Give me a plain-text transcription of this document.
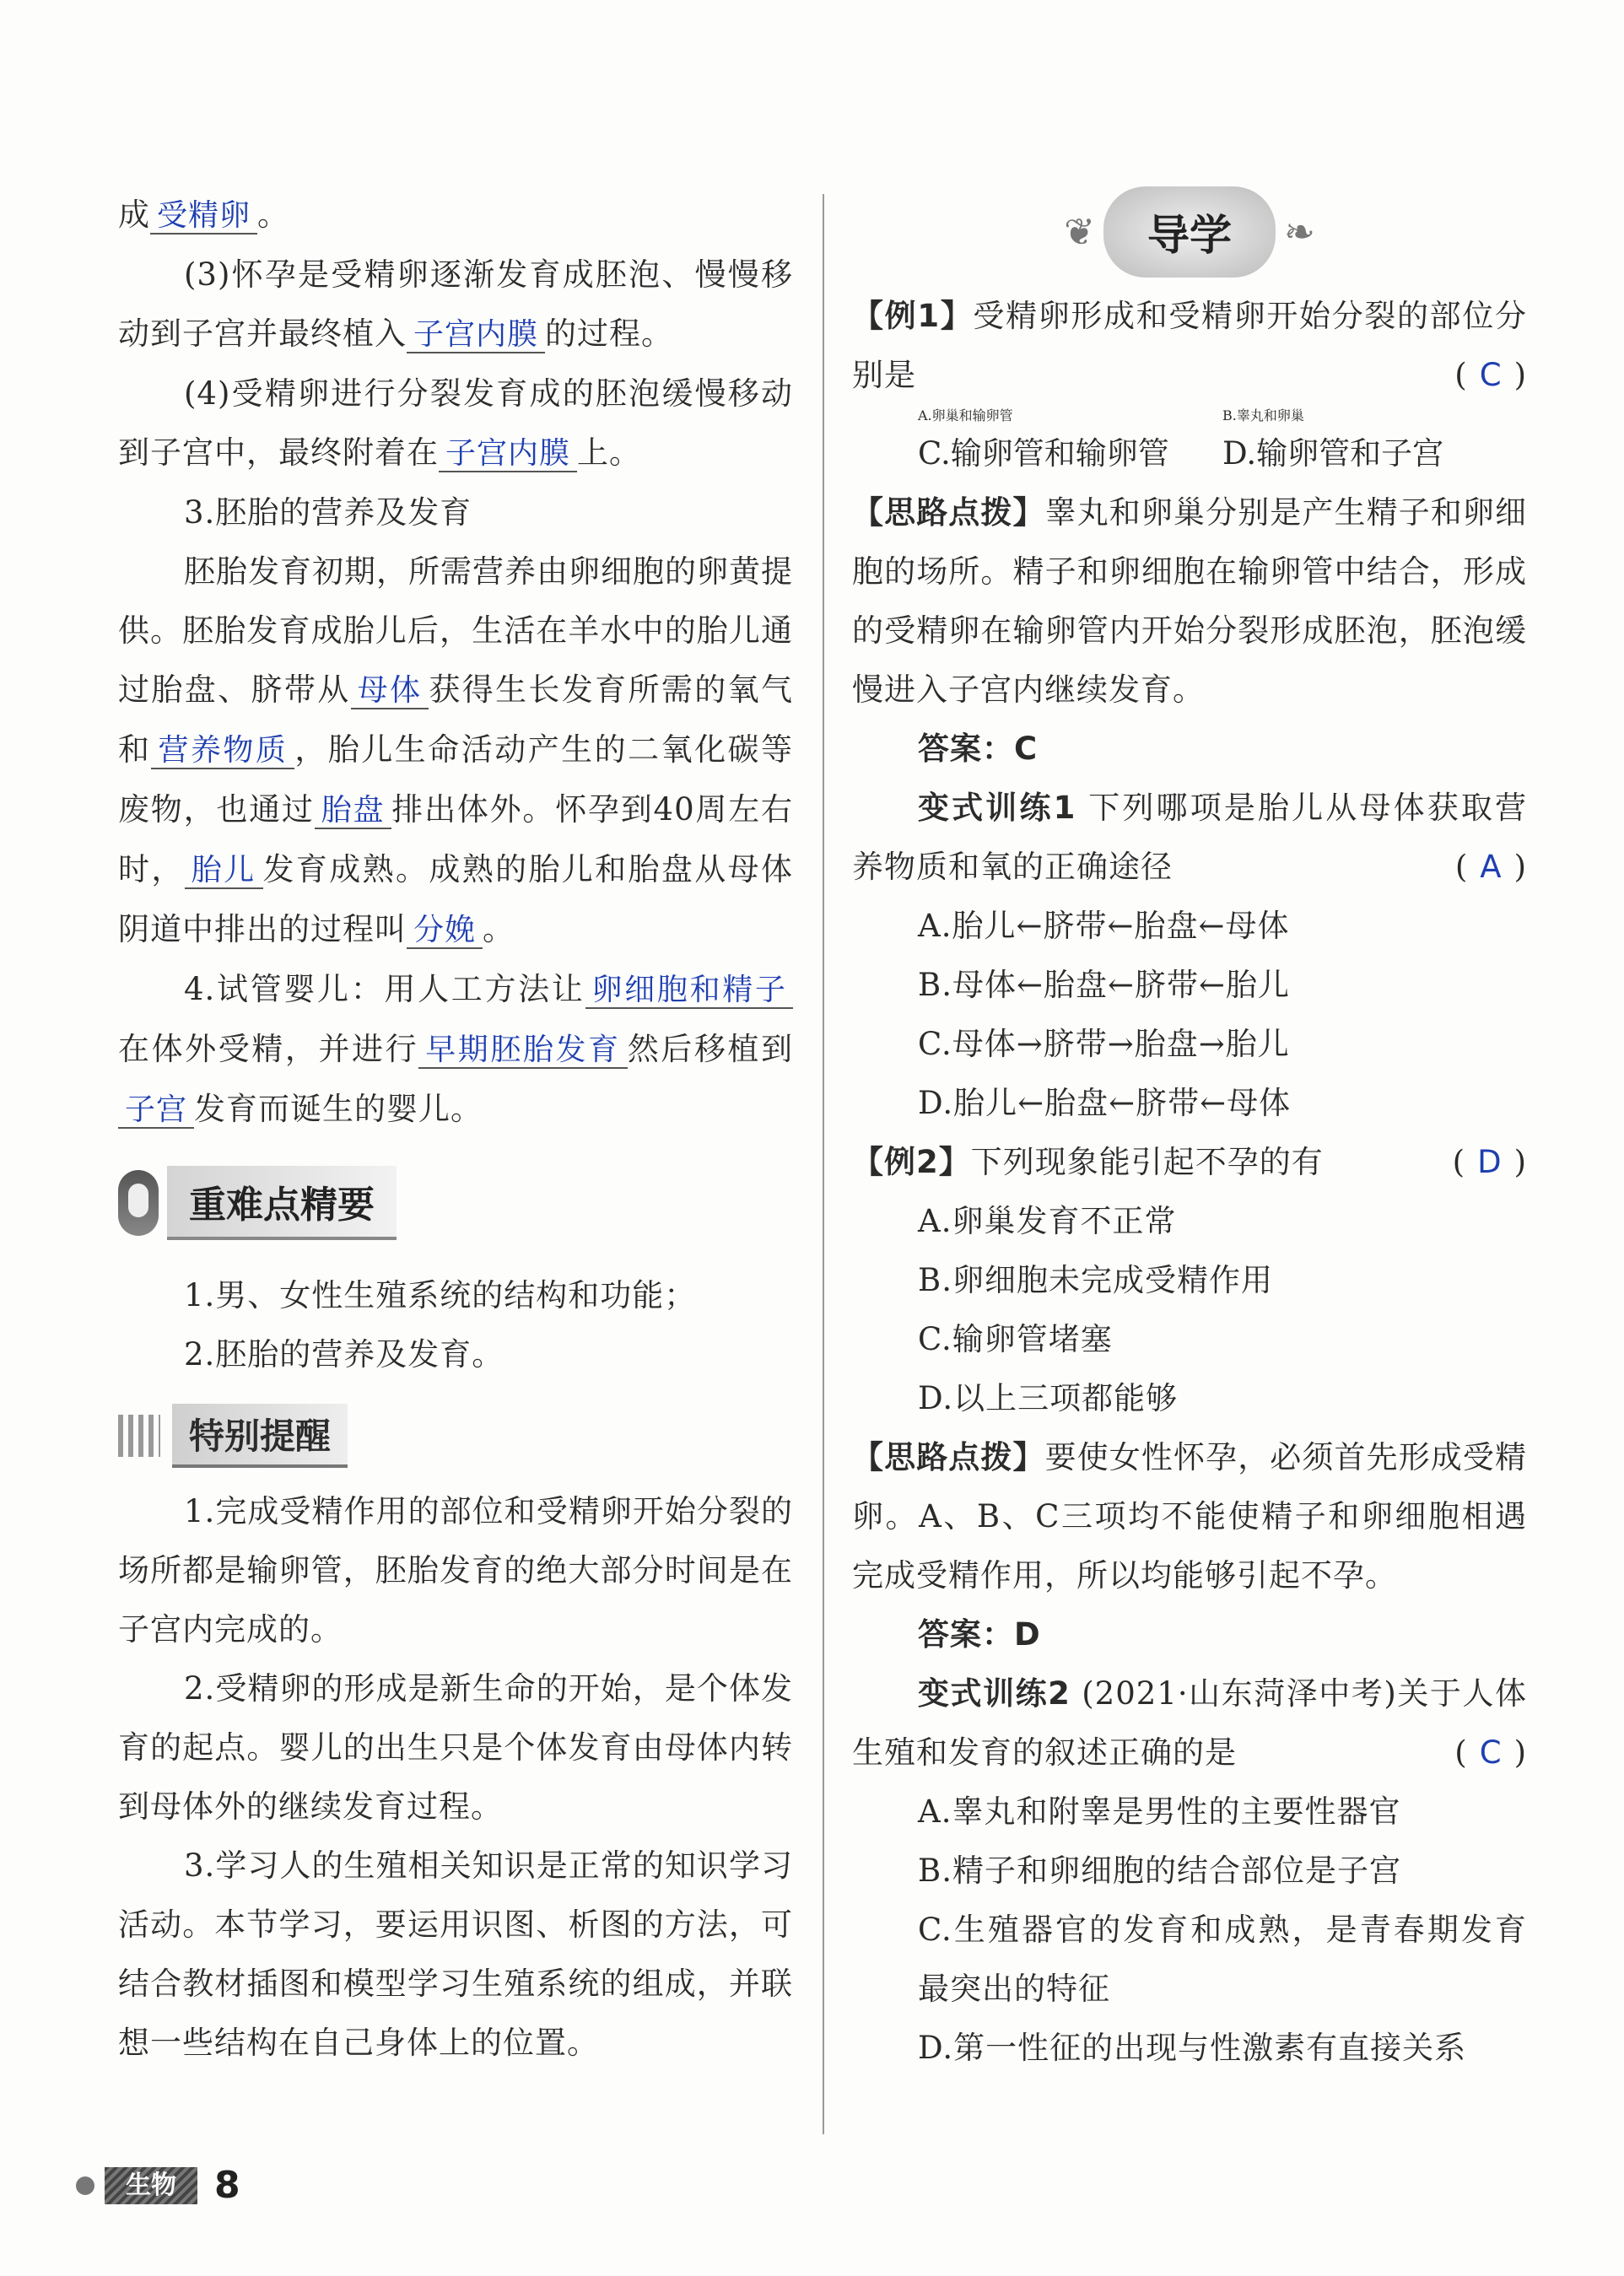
成 受精卵 。

(3)怀孕是受精卵逐渐发育成胚泡、慢慢移动到子宫并最终植入 子宫内膜 的过程。

(4)受精卵进行分裂发育成的胚泡缓慢移动到子宫中，最终附着在 子宫内膜 上。

3.胚胎的营养及发育

胚胎发育初期，所需营养由卵细胞的卵黄提供。胚胎发育成胎儿后，生活在羊水中的胎儿通过胎盘、脐带从 母体 获得生长发育所需的氧气和 营养物质 ，胎儿生命活动产生的二氧化碳等废物，也通过 胎盘 排出体外。怀孕到40周左右时， 胎儿 发育成熟。成熟的胎儿和胎盘从母体阴道中排出的过程叫 分娩 。

4.试管婴儿：用人工方法让 卵细胞和精子在体外受精，并进行 早期胚胎发育 然后移植到子宫 发育而诞生的婴儿。

重难点精要

1.男、女性生殖系统的结构和功能；

2.胚胎的营养及发育。

特别提醒

1.完成受精作用的部位和受精卵开始分裂的场所都是输卵管，胚胎发育的绝大部分时间是在子宫内完成的。

2.受精卵的形成是新生命的开始，是个体发育的起点。婴儿的出生只是个体发育由母体内转到母体外的继续发育过程。

3.学习人的生殖相关知识是正常的知识学习活动。本节学习，要运用识图、析图的方法，可结合教材插图和模型学习生殖系统的组成，并联想一些结构在自己身体上的位置。

❦	导学	❧

【例1】受精卵形成和受精卵开始分裂的部位分别是	( C )

A.卵巢和输卵管	B.睾丸和卵巢
C.输卵管和输卵管	D.输卵管和子宫

【思路点拨】睾丸和卵巢分别是产生精子和卵细胞的场所。精子和卵细胞在输卵管中结合，形成的受精卵在输卵管内开始分裂形成胚泡，胚泡缓慢进入子宫内继续发育。

答案：C

变式训练1 下列哪项是胎儿从母体获取营养物质和氧的正确途径	( A )

A.胎儿←脐带←胎盘←母体

B.母体←胎盘←脐带←胎儿

C.母体→脐带→胎盘→胎儿

D.胎儿←胎盘←脐带←母体

【例2】下列现象能引起不孕的有	( D )

A.卵巢发育不正常

B.卵细胞未完成受精作用

C.输卵管堵塞

D.以上三项都能够

【思路点拨】要使女性怀孕，必须首先形成受精卵。A、B、C三项均不能使精子和卵细胞相遇完成受精作用，所以均能够引起不孕。

答案：D

变式训练2 (2021·山东菏泽中考)关于人体生殖和发育的叙述正确的是	( C )

A.睾丸和附睾是男性的主要性器官

B.精子和卵细胞的结合部位是子宫

C.生殖器官的发育和成熟，是青春期发育最突出的特征

D.第一性征的出现与性激素有直接关系

生物	8
